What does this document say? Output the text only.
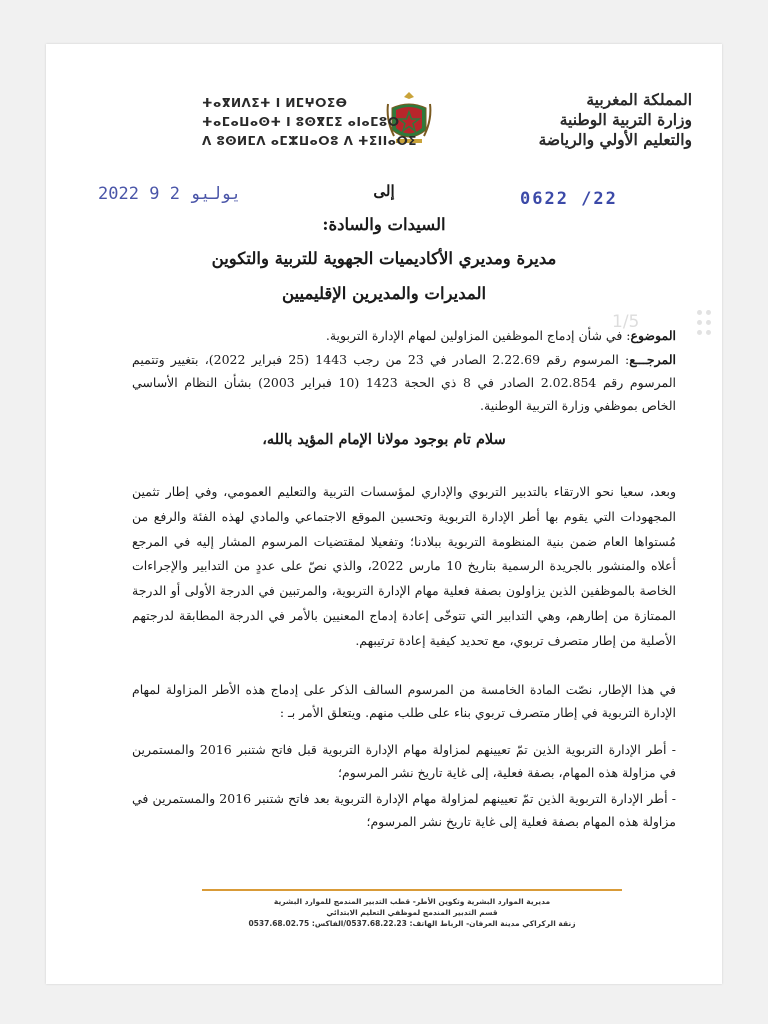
المملكة المغربية
وزارة التربية الوطنية
والتعليم الأولي والرياضة
ⵜⴰⴳⵍⴷⵉⵜ ⵏ ⵍⵎⵖⵔⵉⴱ
ⵜⴰⵎⴰⵡⴰⵙⵜ ⵏ ⵓⵙⴳⵎⵉ ⴰⵏⴰⵎⵓⵔ
ⴷ ⵓⵙⵍⵎⴷ ⴰⵎⵣⵡⴰⵔⵓ ⴷ ⵜⵉⵏⵏⴰⵔⵉ
2022 يوليو 2 9	0622 /22
إلى
السيدات والسادة:
مديرة ومديري الأكاديميات الجهوية للتربية والتكوين
المديرات والمديرين الإقليميين
1/5
الموضوع: في شأن إدماج الموظفين المزاولين لمهام الإدارة التربوية.
المرجـــع: المرسوم رقم 2.22.69 الصادر في 23 من رجب 1443 (25 فبراير 2022)، بتغيير وتتميم المرسوم رقم 2.02.854 الصادر في 8 ذي الحجة 1423 (10 فبراير 2003) بشأن النظام الأساسي الخاص بموظفي وزارة التربية الوطنية.
سلام تام بوجود مولانا الإمام المؤيد بالله،
وبعد، سعيا نحو الارتقاء بالتدبير التربوي والإداري لمؤسسات التربية والتعليم العمومي، وفي إطار تثمين المجهودات التي يقوم بها أطر الإدارة التربوية وتحسين الموقع الاجتماعي والمادي لهذه الفئة والرفع من مُستواها العام ضمن بنية المنظومة التربوية ببلادنا؛ وتفعيلا لمقتضيات المرسوم المشار إليه في المرجع أعلاه والمنشور بالجريدة الرسمية بتاريخ 10 مارس 2022، والذي نصّ على عددٍ من التدابير والإجراءات الخاصة بالموظفين الذين يزاولون بصفة فعلية مهام الإدارة التربوية، والمرتبين في الدرجة الأولى أو الدرجة الممتازة من إطارهم، وهي التدابير التي تتوخّى إعادة إدماج المعنيين بالأمر في الدرجة المطابقة لدرجتهم الأصلية من إطار متصرف تربوي، مع تحديد كيفية إعادة ترتيبهم.
في هذا الإطار، نصّت المادة الخامسة من المرسوم السالف الذكر على إدماج هذه الأطر المزاولة لمهام الإدارة التربوية في إطار متصرف تربوي بناء على طلب منهم. ويتعلق الأمر بـ :
- أطر الإدارة التربوية الذين تمّ تعيينهم لمزاولة مهام الإدارة التربوية قبل فاتح شتنبر 2016 والمستمرين في مزاولة هذه المهام، بصفة فعلية، إلى غاية تاريخ نشر المرسوم؛
- أطر الإدارة التربوية الذين تمّ تعيينهم لمزاولة مهام الإدارة التربوية بعد فاتح شتنبر 2016 والمستمرين في مزاولة هذه المهام بصفة فعلية إلى غاية تاريخ نشر المرسوم؛
مديرية الموارد البشرية وتكوين الأطر- قطب التدبير المندمج للموارد البشرية
قسم التدبير المندمج لموظفي التعليم الابتدائي
زنقة الركراكي مدينة العرفان- الرباط الهاتف: 0537.68.22.23/الفاكس: 0537.68.02.75
